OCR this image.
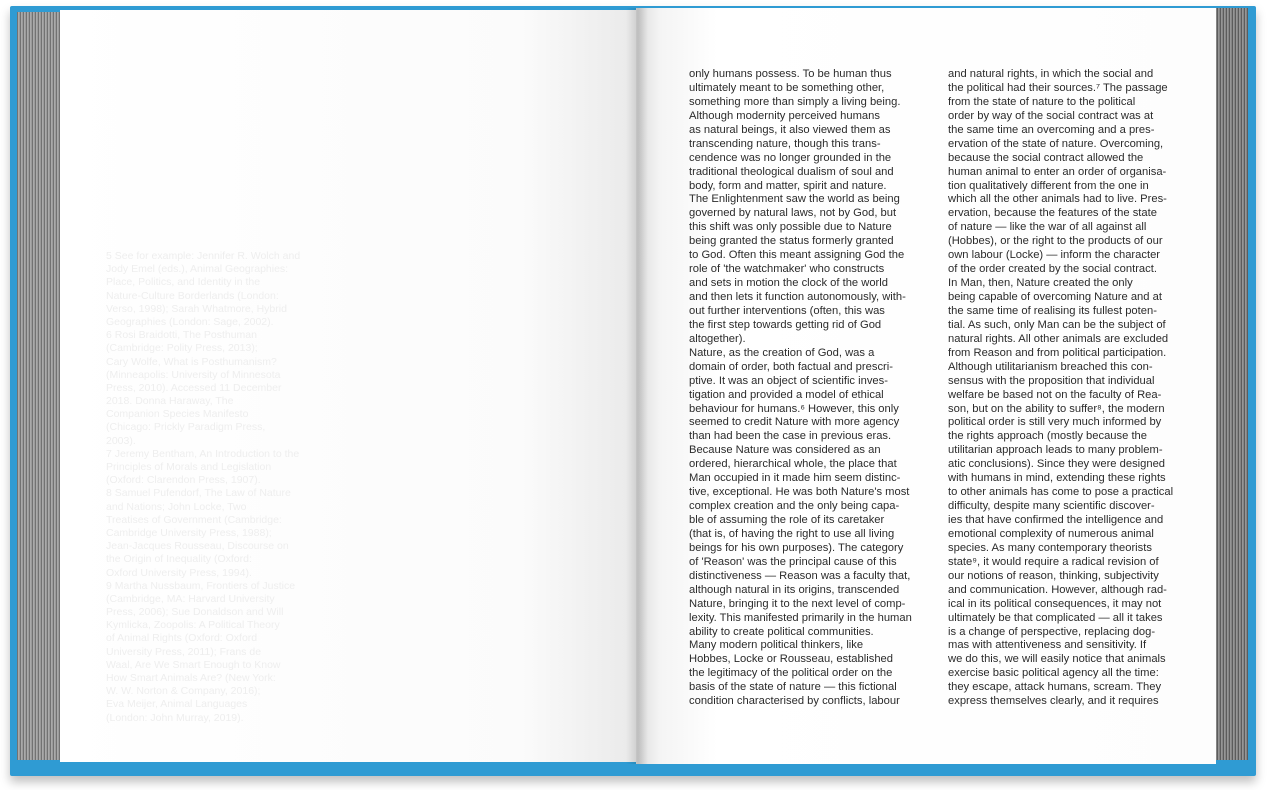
5 See for example: Jennifer R. Wolch and
Jody Emel (eds.), Animal Geographies:
Place, Politics, and Identity in the
Nature-Culture Borderlands (London:
Verso, 1998); Sarah Whatmore, Hybrid
Geographies (London: Sage, 2002).
6 Rosi Braidotti, The Posthuman
(Cambridge: Polity Press, 2013);
Cary Wolfe, What is Posthumanism?
(Minneapolis: University of Minnesota
Press, 2010). Accessed 11 December
2018. Donna Haraway, The
Companion Species Manifesto
(Chicago: Prickly Paradigm Press,
2003).
7 Jeremy Bentham, An Introduction to the
Principles of Morals and Legislation
(Oxford: Clarendon Press, 1907).
8 Samuel Pufendorf, The Law of Nature
and Nations; John Locke, Two
Treatises of Government (Cambridge:
Cambridge University Press, 1988);
Jean-Jacques Rousseau, Discourse on
the Origin of Inequality (Oxford:
Oxford University Press, 1994).
9 Martha Nussbaum, Frontiers of Justice
(Cambridge, MA: Harvard University
Press, 2006); Sue Donaldson and Will
Kymlicka, Zoopolis: A Political Theory
of Animal Rights (Oxford: Oxford
University Press, 2011); Frans de
Waal, Are We Smart Enough to Know
How Smart Animals Are? (New York:
W. W. Norton & Company, 2016);
Eva Meijer, Animal Languages
(London: John Murray, 2019).
only humans possess. To be human thus
ultimately meant to be something other,
something more than simply a living being.
Although modernity perceived humans
as natural beings, it also viewed them as
transcending nature, though this trans-
cendence was no longer grounded in the
traditional theological dualism of soul and
body, form and matter, spirit and nature.
The Enlightenment saw the world as being
governed by natural laws, not by God, but
this shift was only possible due to Nature
being granted the status formerly granted
to God. Often this meant assigning God the
role of 'the watchmaker' who constructs
and sets in motion the clock of the world
and then lets it function autonomously, with-
out further interventions (often, this was
the first step towards getting rid of God
altogether).
Nature, as the creation of God, was a
domain of order, both factual and prescri-
ptive. It was an object of scientific inves-
tigation and provided a model of ethical
behaviour for humans.⁶ However, this only
seemed to credit Nature with more agency
than had been the case in previous eras.
Because Nature was considered as an
ordered, hierarchical whole, the place that
Man occupied in it made him seem distinc-
tive, exceptional. He was both Nature's most
complex creation and the only being capa-
ble of assuming the role of its caretaker
(that is, of having the right to use all living
beings for his own purposes). The category
of 'Reason' was the principal cause of this
distinctiveness — Reason was a faculty that,
although natural in its origins, transcended
Nature, bringing it to the next level of comp-
lexity. This manifested primarily in the human
ability to create political communities.
Many modern political thinkers, like
Hobbes, Locke or Rousseau, established
the legitimacy of the political order on the
basis of the state of nature — this fictional
condition characterised by conflicts, labour
and natural rights, in which the social and
the political had their sources.⁷ The passage
from the state of nature to the political
order by way of the social contract was at
the same time an overcoming and a pres-
ervation of the state of nature. Overcoming,
because the social contract allowed the
human animal to enter an order of organisa-
tion qualitatively different from the one in
which all the other animals had to live. Pres-
ervation, because the features of the state
of nature — like the war of all against all
(Hobbes), or the right to the products of our
own labour (Locke) — inform the character
of the order created by the social contract.
In Man, then, Nature created the only
being capable of overcoming Nature and at
the same time of realising its fullest poten-
tial. As such, only Man can be the subject of
natural rights. All other animals are excluded
from Reason and from political participation.
Although utilitarianism breached this con-
sensus with the proposition that individual
welfare be based not on the faculty of Rea-
son, but on the ability to suffer⁸, the modern
political order is still very much informed by
the rights approach (mostly because the
utilitarian approach leads to many problem-
atic conclusions). Since they were designed
with humans in mind, extending these rights
to other animals has come to pose a practical
difficulty, despite many scientific discover-
ies that have confirmed the intelligence and
emotional complexity of numerous animal
species. As many contemporary theorists
state⁹, it would require a radical revision of
our notions of reason, thinking, subjectivity
and communication. However, although rad-
ical in its political consequences, it may not
ultimately be that complicated — all it takes
is a change of perspective, replacing dog-
mas with attentiveness and sensitivity. If
we do this, we will easily notice that animals
exercise basic political agency all the time:
they escape, attack humans, scream. They
express themselves clearly, and it requires
